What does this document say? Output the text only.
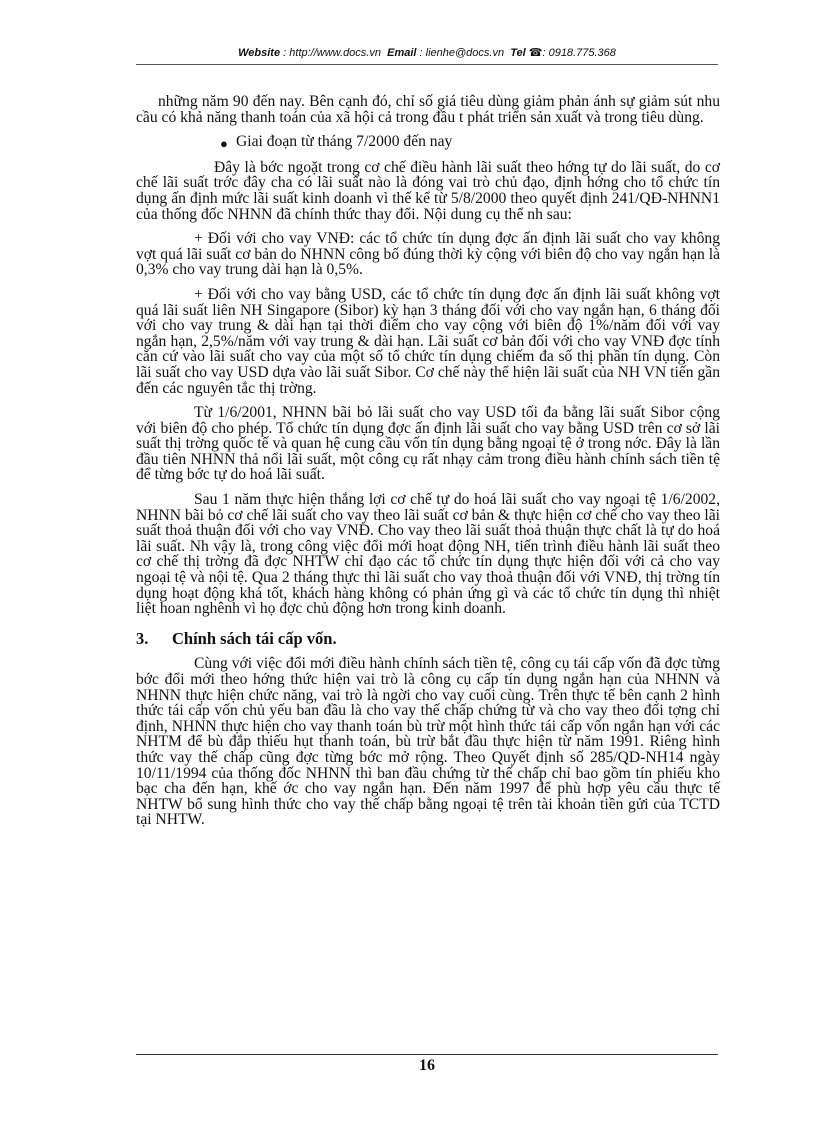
Website : http://www.docs.vn Email : lienhe@docs.vn Tel ☎: 0918.775.368

những năm 90 đến nay. Bên cạnh đó, chỉ số giá tiêu dùng giảm phản ánh sự giảm sút nhu cầu có khả năng thanh toán của xã hội cả trong đầu t phát triển sản xuất và trong tiêu dùng.

● Giai đoạn từ tháng 7/2000 đến nay

Đây là bớc ngoặt trong cơ chế điều hành lãi suất theo hớng tự do lãi suất, do cơ chế lãi suất trớc đây cha có lãi suất nào là đóng vai trò chủ đạo, định hớng cho tổ chức tín dụng ấn định mức lãi suất kinh doanh vì thế kể từ 5/8/2000 theo quyết định 241/QĐ-NHNN1 của thống đốc NHNN đã chính thức thay đổi. Nội dung cụ thể nh sau:

+ Đối với cho vay VNĐ: các tổ chức tín dụng đợc ấn định lãi suất cho vay không vợt quá lãi suất cơ bản do NHNN công bố đúng thời kỳ cộng với biên độ cho vay ngắn hạn là 0,3% cho vay trung dài hạn là 0,5%.

+ Đối với cho vay bằng USD, các tổ chức tín dụng đợc ấn định lãi suất không vợt quá lãi suất liên NH Singapore (Sibor) kỳ hạn 3 tháng đối với cho vay ngắn hạn, 6 tháng đối với cho vay trung & dài hạn tại thời điểm cho vay cộng với biên độ 1%/năm đối với vay ngắn hạn, 2,5%/năm với vay trung & dài hạn. Lãi suất cơ bản đối với cho vay VNĐ đợc tính căn cứ vào lãi suất cho vay của một số tổ chức tín dụng chiếm đa số thị phần tín dụng. Còn lãi suất cho vay USD dựa vào lãi suất Sibor. Cơ chế này thể hiện lãi suất của NH VN tiến gần đến các nguyên tắc thị trờng.

Từ 1/6/2001, NHNN bãi bỏ lãi suất cho vay USD tối đa bằng lãi suất Sibor cộng với biên độ cho phép. Tổ chức tín dụng đợc ấn định lãi suất cho vay bằng USD trên cơ sở lãi suất thị trờng quốc tế và quan hệ cung cầu vốn tín dụng bằng ngoại tệ ở trong nớc. Đây là lần đầu tiên NHNN thả nổi lãi suất, một công cụ rất nhạy cảm trong điều hành chính sách tiền tệ để từng bớc tự do hoá lãi suất.

Sau 1 năm thực hiện thắng lợi cơ chế tự do hoá lãi suất cho vay ngoại tệ 1/6/2002, NHNN bãi bỏ cơ chế lãi suất cho vay theo lãi suất cơ bản & thực hiện cơ chế cho vay theo lãi suất thoả thuận đối với cho vay VNĐ. Cho vay theo lãi suất thoả thuận thực chất là tự do hoá lãi suất. Nh vậy là, trong công việc đổi mới hoạt động NH, tiến trình điều hành lãi suất theo cơ chế thị trờng đã đợc NHTW chỉ đạo các tổ chức tín dụng thực hiện đối với cả cho vay ngoại tệ và nội tệ. Qua 2 tháng thực thi lãi suất cho vay thoả thuận đối với VNĐ, thị trờng tín dụng hoạt động khá tốt, khách hàng không có phản ứng gì và các tổ chức tín dụng thì nhiệt liệt hoan nghênh vì họ đợc chủ động hơn trong kinh doanh.

3. Chính sách tái cấp vốn.

Cùng với việc đổi mới điều hành chính sách tiền tệ, công cụ tái cấp vốn đã đợc từng bớc đổi mới theo hớng thức hiện vai trò là công cụ cấp tín dụng ngắn hạn của NHNN và NHNN thực hiện chức năng, vai trò là ngời cho vay cuối cùng. Trên thực tế bên cạnh 2 hình thức tái cấp vốn chủ yếu ban đầu là cho vay thế chấp chứng từ và cho vay theo đối tợng chỉ định, NHNN thực hiện cho vay thanh toán bù trừ một hình thức tái cấp vốn ngắn hạn với các NHTM để bù đắp thiếu hụt thanh toán, bù trừ bắt đầu thực hiện từ năm 1991. Riêng hình thức vay thế chấp cũng đợc từng bớc mở rộng. Theo Quyết định số 285/QD-NH14 ngày 10/11/1994 của thống đốc NHNN thì ban đầu chứng từ thế chấp chỉ bao gồm tín phiếu kho bạc cha đến hạn, khế ớc cho vay ngắn hạn. Đến năm 1997 để phù hợp yêu cầu thực tế NHTW bổ sung hình thức cho vay thế chấp bằng ngoại tệ trên tài khoản tiền gửi của TCTD tại NHTW.

16
